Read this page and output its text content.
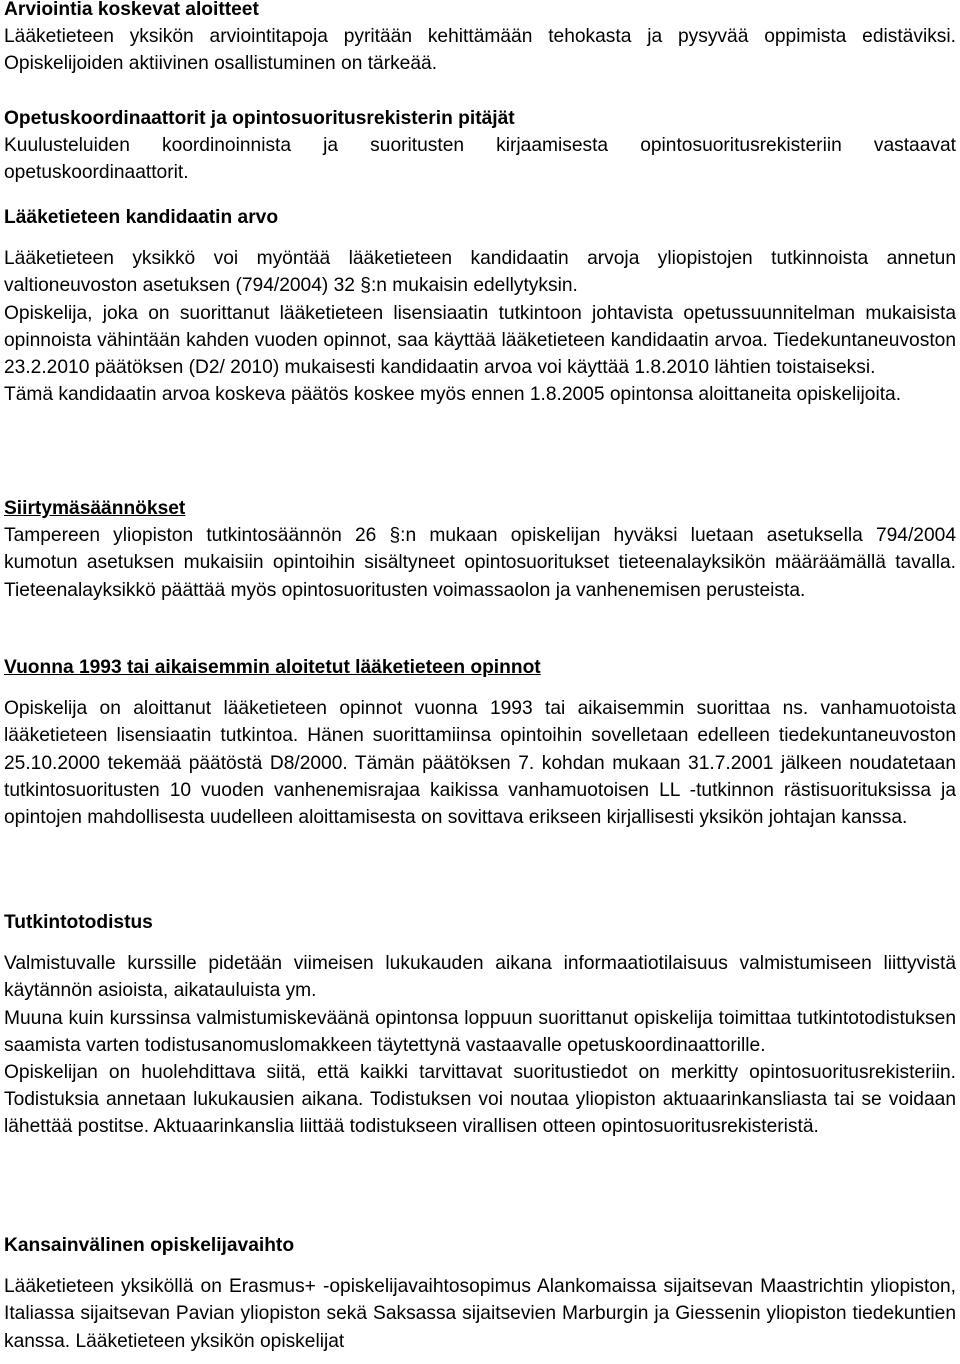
Arviointia koskevat aloitteet

Lääketieteen yksikön arviointitapoja pyritään kehittämään tehokasta ja pysyvää oppimista edistäviksi. Opiskelijoiden aktiivinen osallistuminen on tärkeää.

Opetuskoordinaattorit ja opintosuoritusrekisterin pitäjät

Kuulusteluiden koordinoinnista ja suoritusten kirjaamisesta opintosuoritusrekisteriin vastaavat opetuskoordinaattorit.

Lääketieteen kandidaatin arvo

Lääketieteen yksikkö voi myöntää lääketieteen kandidaatin arvoja yliopistojen tutkinnoista annetun valtioneuvoston asetuksen (794/2004) 32 §:n mukaisin edellytyksin.

Opiskelija, joka on suorittanut lääketieteen lisensiaatin tutkintoon johtavista opetussuunnitelman mukaisista opinnoista vähintään kahden vuoden opinnot, saa käyttää lääketieteen kandidaatin arvoa. Tiedekuntaneuvoston 23.2.2010 päätöksen (D2/ 2010) mukaisesti kandidaatin arvoa voi käyttää 1.8.2010 lähtien toistaiseksi.

Tämä kandidaatin arvoa koskeva päätös koskee myös ennen 1.8.2005 opintonsa aloittaneita opiskelijoita.

Siirtymäsäännökset

Tampereen yliopiston tutkintosäännön 26 §:n mukaan opiskelijan hyväksi luetaan asetuksella 794/2004 kumotun asetuksen mukaisiin opintoihin sisältyneet opintosuoritukset tieteenalayksikön määräämällä tavalla. Tieteenalayksikkö päättää myös opintosuoritusten voimassaolon ja vanhenemisen perusteista.

Vuonna 1993 tai aikaisemmin aloitetut lääketieteen opinnot

Opiskelija on aloittanut lääketieteen opinnot vuonna 1993 tai aikaisemmin suorittaa ns. vanhamuotoista lääketieteen lisensiaatin tutkintoa. Hänen suorittamiinsa opintoihin sovelletaan edelleen tiedekuntaneuvoston 25.10.2000 tekemää päätöstä D8/2000. Tämän päätöksen 7. kohdan mukaan 31.7.2001 jälkeen noudatetaan tutkintosuoritusten 10 vuoden vanhenemisrajaa kaikissa vanhamuotoisen LL -tutkinnon rästisuorituksissa ja opintojen mahdollisesta uudelleen aloittamisesta on sovittava erikseen kirjallisesti yksikön johtajan kanssa.

Tutkintotodistus

Valmistuvalle kurssille pidetään viimeisen lukukauden aikana informaatiotilaisuus valmistumiseen liittyvistä käytännön asioista, aikatauluista ym.

Muuna kuin kurssinsa valmistumiskeväänä opintonsa loppuun suorittanut opiskelija toimittaa tutkintotodistuksen saamista varten todistusanomuslomakkeen täytettynä vastaavalle opetuskoordinaattorille.

Opiskelijan on huolehdittava siitä, että kaikki tarvittavat suoritustiedot on merkitty opintosuoritusrekisteriin. Todistuksia annetaan lukukausien aikana. Todistuksen voi noutaa yliopiston aktuaarinkansliasta tai se voidaan lähettää postitse. Aktuaarinkanslia liittää todistukseen virallisen otteen opintosuoritusrekisteristä.

Kansainvälinen opiskelijavaihto

Lääketieteen yksiköllä on Erasmus+ -opiskelijavaihtosopimus Alankomaissa sijaitsevan Maastrichtin yliopiston, Italiassa sijaitsevan Pavian yliopiston sekä Saksassa sijaitsevien Marburgin ja Giessenin yliopiston tiedekuntien kanssa. Lääketieteen yksikön opiskelijat
